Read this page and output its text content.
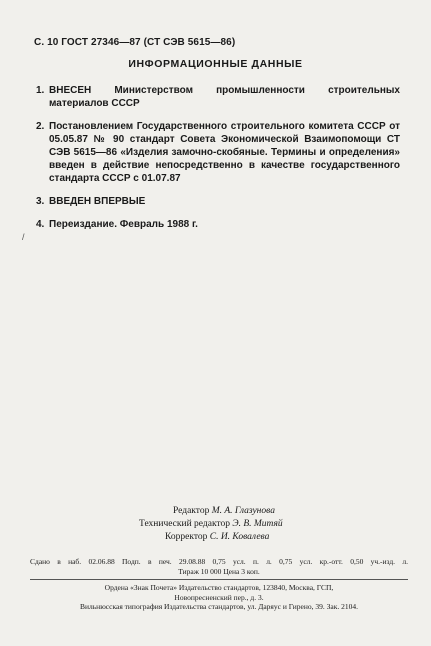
С. 10 ГОСТ 27346—87 (СТ СЭВ 5615—86)
ИНФОРМАЦИОННЫЕ ДАННЫЕ
1. ВНЕСЕН Министерством промышленности строительных материалов СССР
2. Постановлением Государственного строительного комитета СССР от 05.05.87 № 90 стандарт Совета Экономической Взаимопомощи СТ СЭВ 5615—86 «Изделия замочно-скобяные. Термины и определения» введен в действие непосредственно в качестве государственного стандарта СССР с 01.07.87
3. ВВЕДЕН ВПЕРВЫЕ
4. Переиздание. Февраль 1988 г.
/
Редактор М. А. Глазунова
Технический редактор Э. В. Митяй
Корректор С. И. Ковалева
Сдано в наб. 02.06.88 Подп. в печ. 29.08.88 0,75 усл. п. л. 0,75 усл. кр.-отт. 0,50 уч.-изд. л.
Тираж 10 000 Цена 3 коп.
Ордена «Знак Почета» Издательство стандартов, 123840, Москва, ГСП,
Новопресненский пер., д. 3.
Вильнюсская типография Издательства стандартов, ул. Даряус и Гирено, 39. Зак. 2104.
